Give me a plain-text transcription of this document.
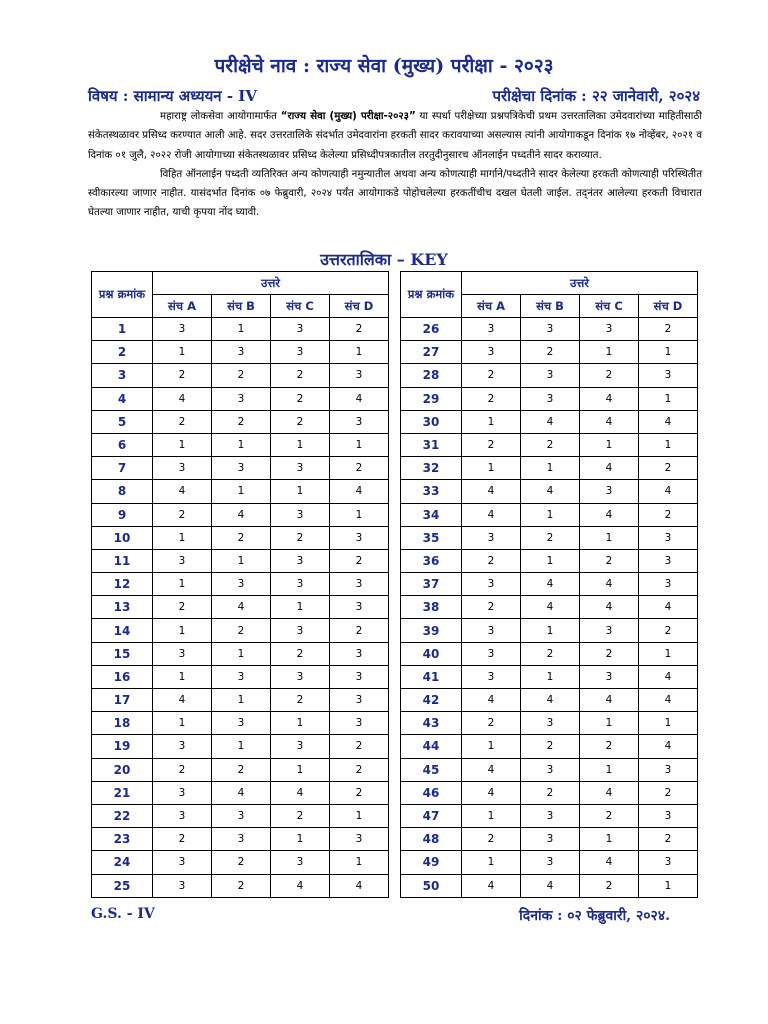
परीक्षेचे नाव : राज्य सेवा (मुख्य) परीक्षा - २०२३
विषय : सामान्य अध्ययन - IV	परीक्षेचा दिनांक : २२ जानेवारी, २०२४

महाराष्ट्र लोकसेवा आयोगामार्फत “राज्य सेवा (मुख्य) परीक्षा-२०२३” या स्पर्धा परीक्षेच्या प्रश्नपत्रिकेची प्रथम उत्तरतालिका उमेदवारांच्या माहितीसाठी संकेतस्थळावर प्रसिध्द करण्यात आली आहे. सदर उत्तरतालिके संदर्भात उमेदवारांना हरकती सादर करावयाच्या असल्यास त्यांनी आयोगाकडून दिनांक १७ नोव्हेंबर, २०२१ व दिनांक ०१ जुलै, २०२२ रोजी आयोगाच्या संकेतस्थळावर प्रसिध्द केलेल्या प्रसिध्दीपत्रकातील तरतुदीनुसारच ऑनलाईन पध्दतीने सादर कराव्यात.

विहित ऑनलाईन पध्दती व्यतिरिक्त अन्य कोणत्याही नमुन्यातील अथवा अन्य कोणत्याही मार्गाने/पध्दतीने सादर केलेल्या हरकती कोणत्याही परिस्थितीत स्वीकारल्या जाणार नाहीत. यासंदर्भात दिनांक ०७ फेब्रुवारी, २०२४ पर्यंत आयोगाकडे पोहोचलेल्या हरकतींचीच दखल घेतली जाईल. तद्नंतर आलेल्या हरकती विचारात घेतल्या जाणार नाहीत, याची कृपया नोंद घ्यावी.

उत्तरतालिका – KEY
प्रश्न क्रमांक	उत्तरे			
	संच A	संच B	संच C	संच D
1	3	1	3	2
2	1	3	3	1
3	2	2	2	3
4	4	3	2	4
5	2	2	2	3
6	1	1	1	1
7	3	3	3	2
8	4	1	1	4
9	2	4	3	1
10	1	2	2	3
11	3	1	3	2
12	1	3	3	3
13	2	4	1	3
14	1	2	3	2
15	3	1	2	3
16	1	3	3	3
17	4	1	2	3
18	1	3	1	3
19	3	1	3	2
20	2	2	1	2
21	3	4	4	2
22	3	3	2	1
23	2	3	1	3
24	3	2	3	1
25	3	2	4	4
प्रश्न क्रमांक	उत्तरे			
	संच A	संच B	संच C	संच D
26	3	3	3	2
27	3	2	1	1
28	2	3	2	3
29	2	3	4	1
30	1	4	4	4
31	2	2	1	1
32	1	1	4	2
33	4	4	3	4
34	4	1	4	2
35	3	2	1	3
36	2	1	2	3
37	3	4	4	3
38	2	4	4	4
39	3	1	3	2
40	3	2	2	1
41	3	1	3	4
42	4	4	4	4
43	2	3	1	1
44	1	2	2	4
45	4	3	1	3
46	4	2	4	2
47	1	3	2	3
48	2	3	1	2
49	1	3	4	3
50	4	4	2	1
G.S. - IV	दिनांक : ०२ फेब्रुवारी, २०२४.
